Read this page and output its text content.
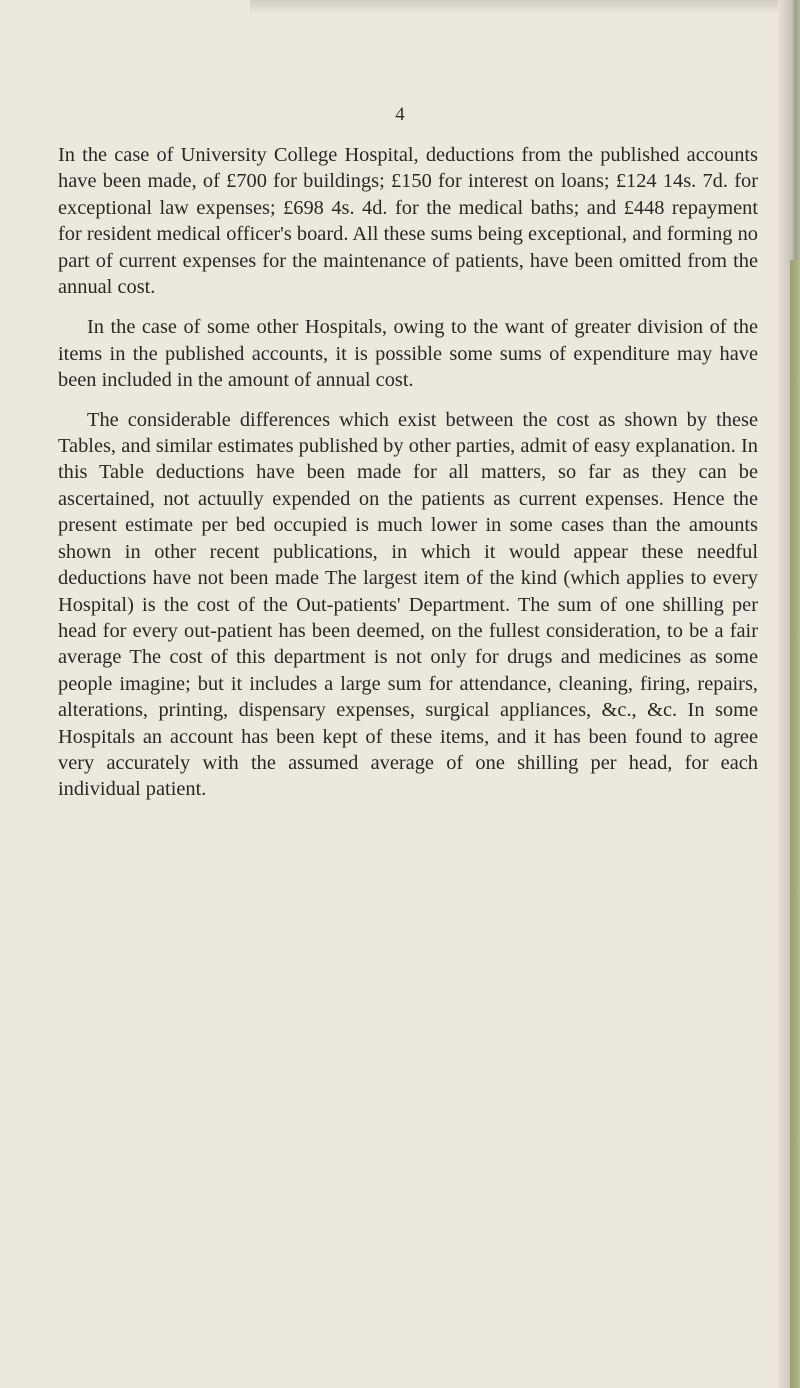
4

In the case of University College Hospital, deductions from the published accounts have been made, of £700 for buildings; £150 for interest on loans; £124 14s. 7d. for exceptional law expenses; £698 4s. 4d. for the medical baths; and £448 repayment for resident medical officer's board. All these sums being exceptional, and forming no part of current expenses for the maintenance of patients, have been omitted from the annual cost.

In the case of some other Hospitals, owing to the want of greater division of the items in the published accounts, it is possible some sums of expenditure may have been included in the amount of annual cost.

The considerable differences which exist between the cost as shown by these Tables, and similar estimates published by other parties, admit of easy explanation. In this Table deductions have been made for all matters, so far as they can be ascertained, not actuully expended on the patients as current expenses. Hence the present estimate per bed occupied is much lower in some cases than the amounts shown in other recent publications, in which it would appear these needful deductions have not been made The largest item of the kind (which applies to every Hospital) is the cost of the Out-patients' Department. The sum of one shilling per head for every out-patient has been deemed, on the fullest consideration, to be a fair average The cost of this department is not only for drugs and medicines as some people imagine; but it includes a large sum for attendance, cleaning, firing, repairs, alterations, printing, dispensary expenses, surgical appliances, &c., &c. In some Hospitals an account has been kept of these items, and it has been found to agree very accurately with the assumed average of one shilling per head, for each individual patient.
